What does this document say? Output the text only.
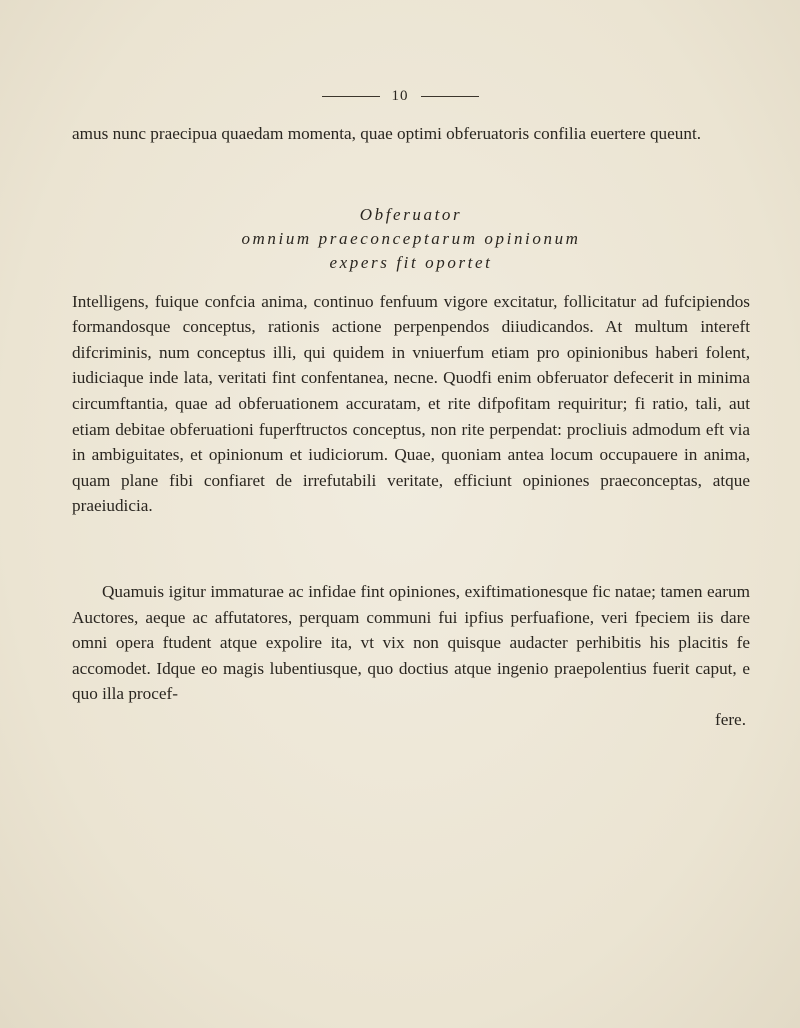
10

amus nunc praecipua quaedam momenta, quae optimi obferuatoris confilia euertere queunt.

Obferuator
omnium praeconceptarum opinionum
expers fit oportet

Intelligens, fuique confcia anima, continuo fenfuum vigore excitatur, follicitatur ad fufcipiendos formandosque conceptus, rationis actione perpenpendos diiudicandos. At multum intereft difcriminis, num conceptus illi, qui quidem in vniuerfum etiam pro opinionibus haberi folent, iudiciaque inde lata, veritati fint confentanea, necne. Quodfi enim obferuator defecerit in minima circumftantia, quae ad obferuationem accuratam, et rite difpofitam requiritur; fi ratio, tali, aut etiam debitae obferuationi fuperftructos conceptus, non rite perpendat: procliuis admodum eft via in ambiguitates, et opinionum et iudiciorum. Quae, quoniam antea locum occupauere in anima, quam plane fibi confiaret de irrefutabili veritate, efficiunt opiniones praeconceptas, atque praeiudicia.

Quamuis igitur immaturae ac infidae fint opiniones, exiftimationesque fic natae; tamen earum Auctores, aeque ac affutatores, perquam communi fui ipfius perfuafione, veri fpeciem iis dare omni opera ftudent atque expolire ita, vt vix non quisque audacter perhibitis his placitis fe accomodet. Idque eo magis lubentiusque, quo doctius atque ingenio praepolentius fuerit caput, e quo illa procef-

fere.
